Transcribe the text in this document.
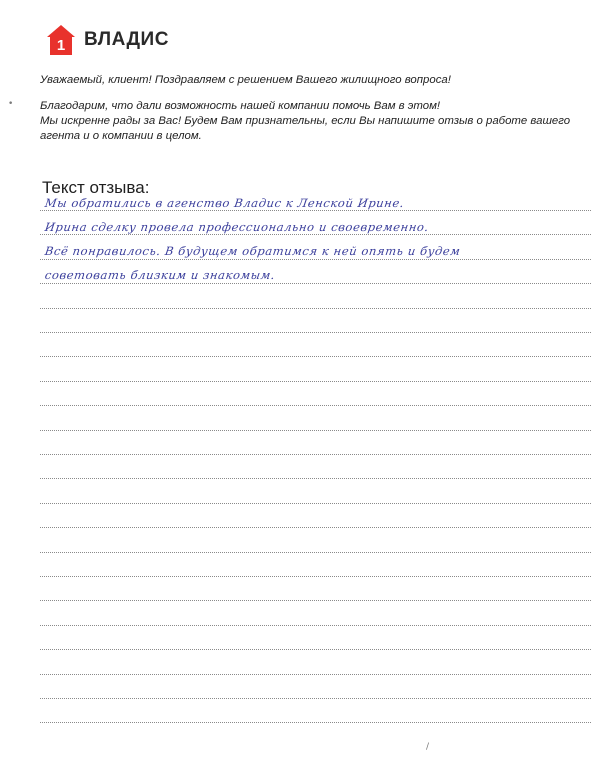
1 ВЛАДИС

Уважаемый, клиент! Поздравляем с решением Вашего жилищного вопроса!

Благодарим, что дали возможность нашей компании помочь Вам в этом!

Мы искренне рады за Вас! Будем Вам признательны, если Вы напишите отзыв о работе вашего агента и о компании в целом.

Текст отзыва:

Мы обратились в агенство Владис к Ленской Ирине.
Ирина сделку провела профессионально и своевременно.
Всё понравилось. В будущем обратимся к ней опять и будем
советовать близким и знакомым.
•
/
